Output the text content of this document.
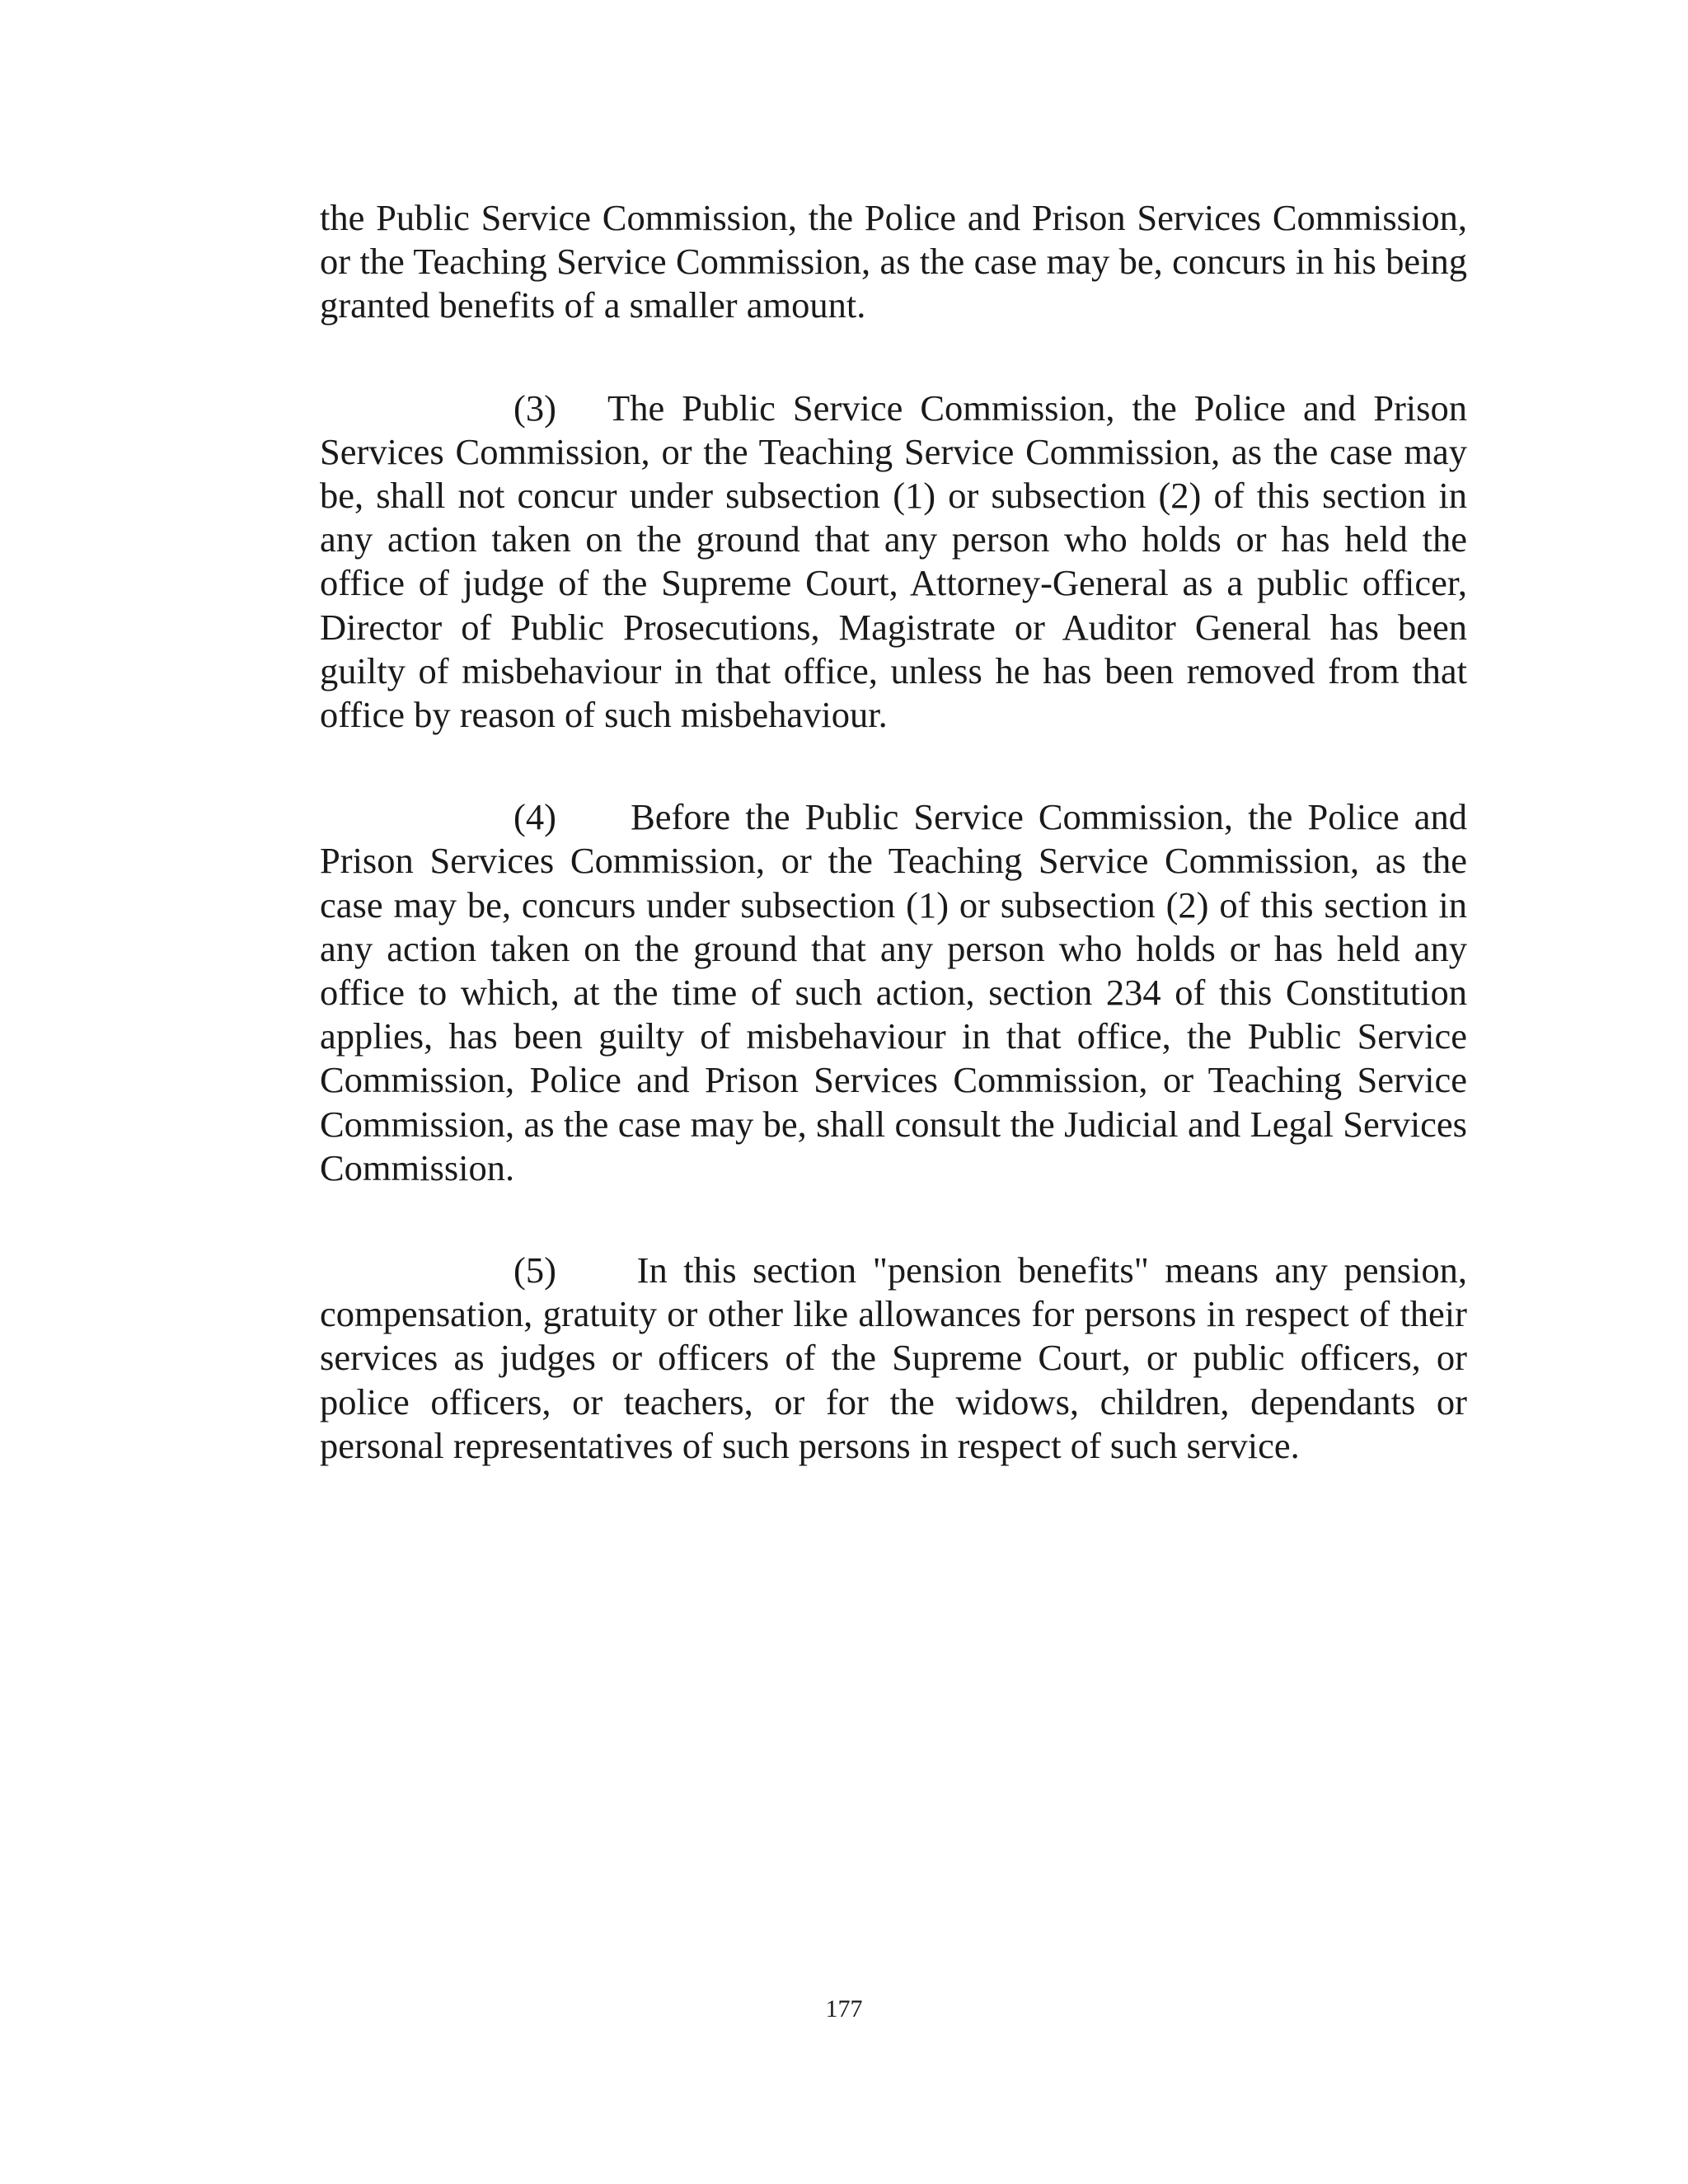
the Public Service Commission, the Police and Prison Services Commission, or the Teaching Service Commission, as the case may be, concurs in his being granted benefits of a smaller amount.

(3) The Public Service Commission, the Police and Prison Services Commission, or the Teaching Service Commission, as the case may be, shall not concur under subsection (1) or subsection (2) of this section in any action taken on the ground that any person who holds or has held the office of judge of the Supreme Court, Attorney-General as a public officer, Director of Public Prosecutions, Magistrate or Auditor General has been guilty of misbehaviour in that office, unless he has been removed from that office by reason of such misbehaviour.

(4) Before the Public Service Commission, the Police and Prison Services Commission, or the Teaching Service Commission, as the case may be, concurs under subsection (1) or subsection (2) of this section in any action taken on the ground that any person who holds or has held any office to which, at the time of such action, section 234 of this Constitution applies, has been guilty of misbehaviour in that office, the Public Service Commission, Police and Prison Services Commission, or Teaching Service Commission, as the case may be, shall consult the Judicial and Legal Services Commission.

(5) In this section "pension benefits" means any pension, compensation, gratuity or other like allowances for persons in respect of their services as judges or officers of the Supreme Court, or public officers, or police officers, or teachers, or for the widows, children, dependants or personal representatives of such persons in respect of such service.

177
